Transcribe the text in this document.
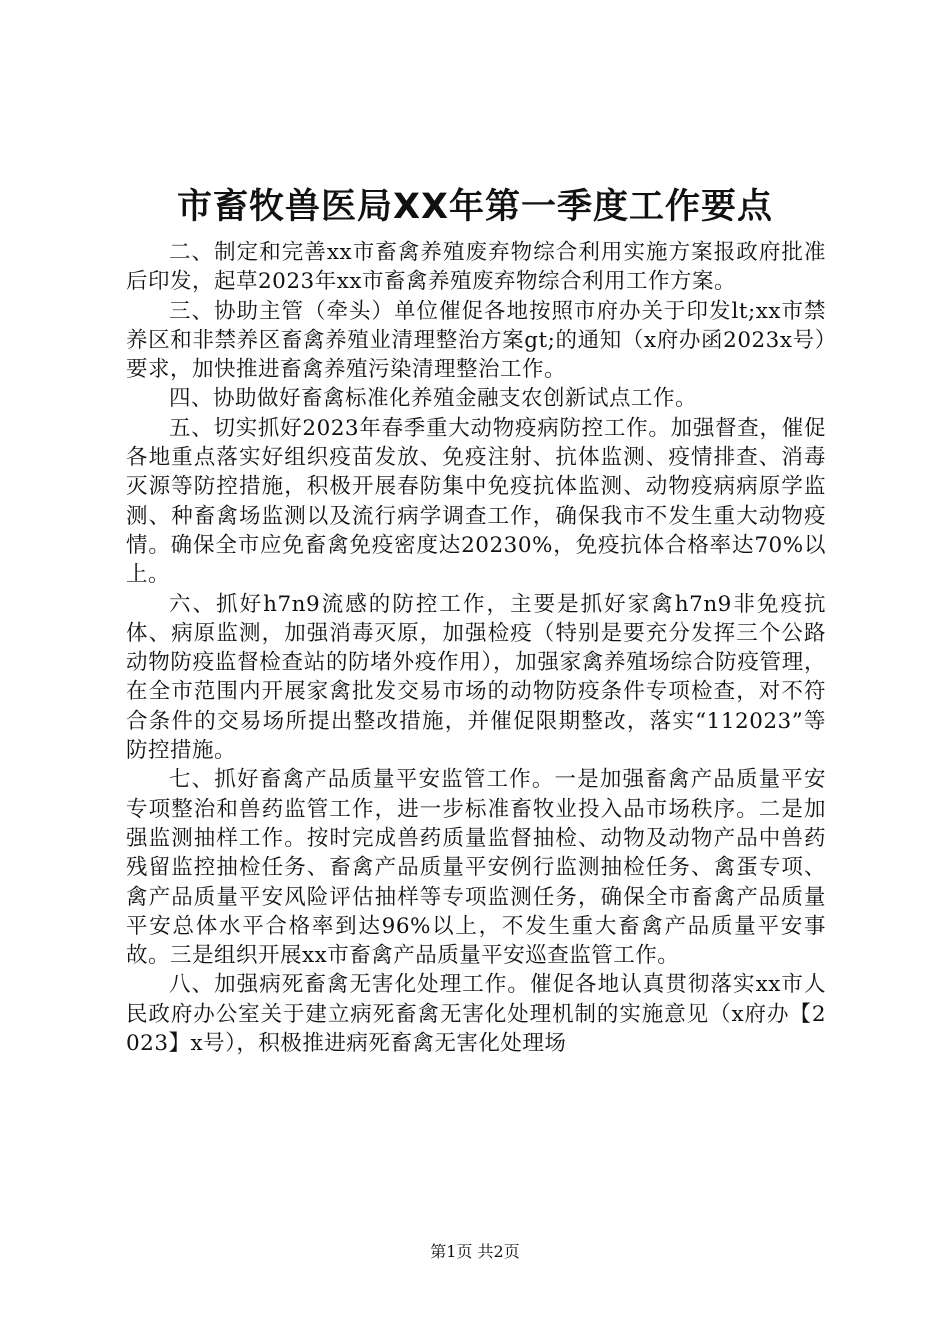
市畜牧兽医局XX年第一季度工作要点

二、制定和完善xx市畜禽养殖废弃物综合利用实施方案报政府批准后印发，起草2023年xx市畜禽养殖废弃物综合利用工作方案。

三、协助主管（牵头）单位催促各地按照市府办关于印发lt;xx市禁养区和非禁养区畜禽养殖业清理整治方案gt;的通知（x府办函2023x号）要求，加快推进畜禽养殖污染清理整治工作。

四、协助做好畜禽标准化养殖金融支农创新试点工作。

五、切实抓好2023年春季重大动物疫病防控工作。加强督查，催促各地重点落实好组织疫苗发放、免疫注射、抗体监测、疫情排查、消毒灭源等防控措施，积极开展春防集中免疫抗体监测、动物疫病病原学监测、种畜禽场监测以及流行病学调查工作，确保我市不发生重大动物疫情。确保全市应免畜禽免疫密度达20230%，免疫抗体合格率达70%以上。

六、抓好h7n9流感的防控工作，主要是抓好家禽h7n9非免疫抗体、病原监测，加强消毒灭原，加强检疫（特别是要充分发挥三个公路动物防疫监督检查站的防堵外疫作用），加强家禽养殖场综合防疫管理，在全市范围内开展家禽批发交易市场的动物防疫条件专项检查，对不符合条件的交易场所提出整改措施，并催促限期整改，落实“112023”等防控措施。

七、抓好畜禽产品质量平安监管工作。一是加强畜禽产品质量平安专项整治和兽药监管工作，进一步标准畜牧业投入品市场秩序。二是加强监测抽样工作。按时完成兽药质量监督抽检、动物及动物产品中兽药残留监控抽检任务、畜禽产品质量平安例行监测抽检任务、禽蛋专项、禽产品质量平安风险评估抽样等专项监测任务，确保全市畜禽产品质量平安总体水平合格率到达96%以上，不发生重大畜禽产品质量平安事故。三是组织开展xx市畜禽产品质量平安巡查监管工作。

八、加强病死畜禽无害化处理工作。催促各地认真贯彻落实xx市人民政府办公室关于建立病死畜禽无害化处理机制的实施意见（x府办【2023】x号），积极推进病死畜禽无害化处理场

第1页 共2页
